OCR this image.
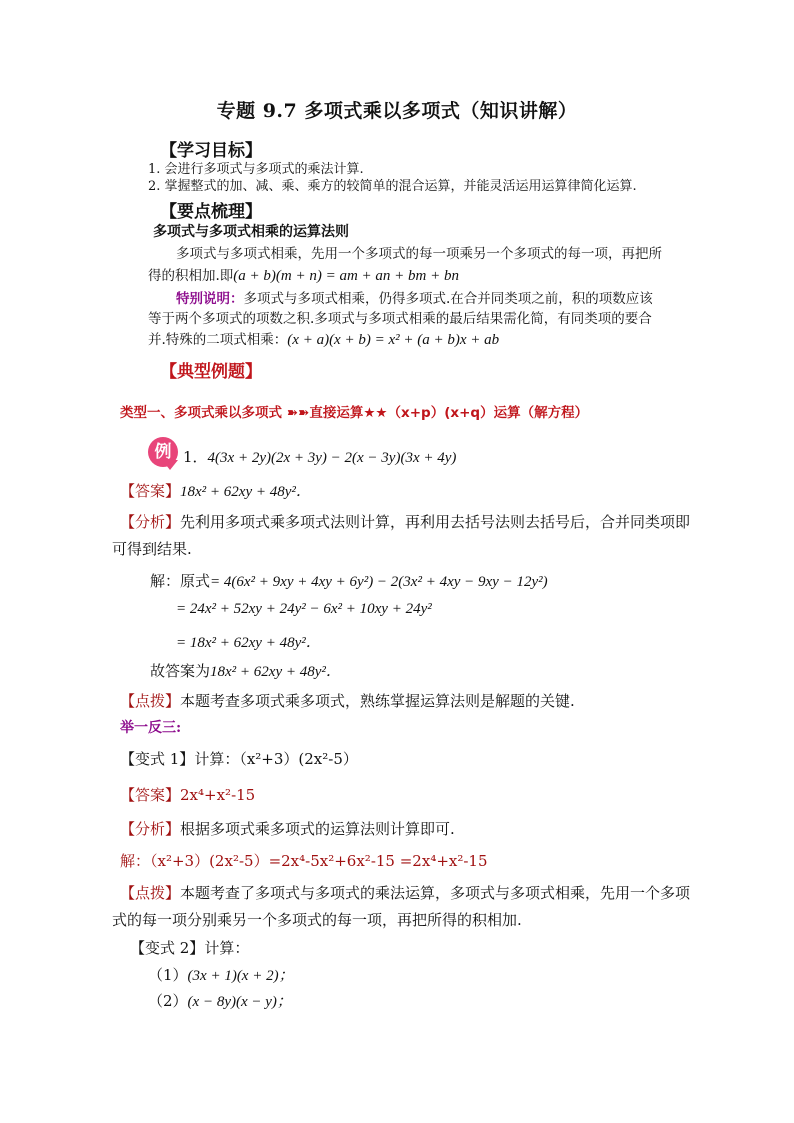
专题 9.7 多项式乘以多项式（知识讲解）
【学习目标】
1. 会进行多项式与多项式的乘法计算.
2. 掌握整式的加、减、乘、乘方的较简单的混合运算，并能灵活运用运算律简化运算.
【要点梳理】
多项式与多项式相乘的运算法则
多项式与多项式相乘，先用一个多项式的每一项乘另一个多项式的每一项，再把所
得的积相加.即(a + b)(m + n) = am + an + bm + bn
特别说明：多项式与多项式相乘，仍得多项式.在合并同类项之前，积的项数应该
等于两个多项式的项数之积.多项式与多项式相乘的最后结果需化简，有同类项的要合
并.特殊的二项式相乘：(x + a)(x + b) = x² + (a + b)x + ab
【典型例题】
类型一、多项式乘以多项式 ➽➽直接运算★★（x+p）(x+q）运算（解方程）
例 1．4(3x + 2y)(2x + 3y) − 2(x − 3y)(3x + 4y)
【答案】18x² + 62xy + 48y²．
【分析】先利用多项式乘多项式法则计算，再利用去括号法则去括号后，合并同类项即
可得到结果.
解：原式= 4(6x² + 9xy + 4xy + 6y²) − 2(3x² + 4xy − 9xy − 12y²)
= 24x² + 52xy + 24y² − 6x² + 10xy + 24y²
= 18x² + 62xy + 48y²．
故答案为18x² + 62xy + 48y²．
【点拨】本题考查多项式乘多项式，熟练掌握运算法则是解题的关键.
举一反三:
【变式 1】计算：（x²+3）(2x²-5）
【答案】2x⁴+x²-15
【分析】根据多项式乘多项式的运算法则计算即可.
解：（x²+3）(2x²-5）=2x⁴-5x²+6x²-15 =2x⁴+x²-15
【点拨】本题考查了多项式与多项式的乘法运算，多项式与多项式相乘，先用一个多项
式的每一项分别乘另一个多项式的每一项，再把所得的积相加.
【变式 2】计算：
（1）(3x + 1)(x + 2)；
（2）(x − 8y)(x − y)；
